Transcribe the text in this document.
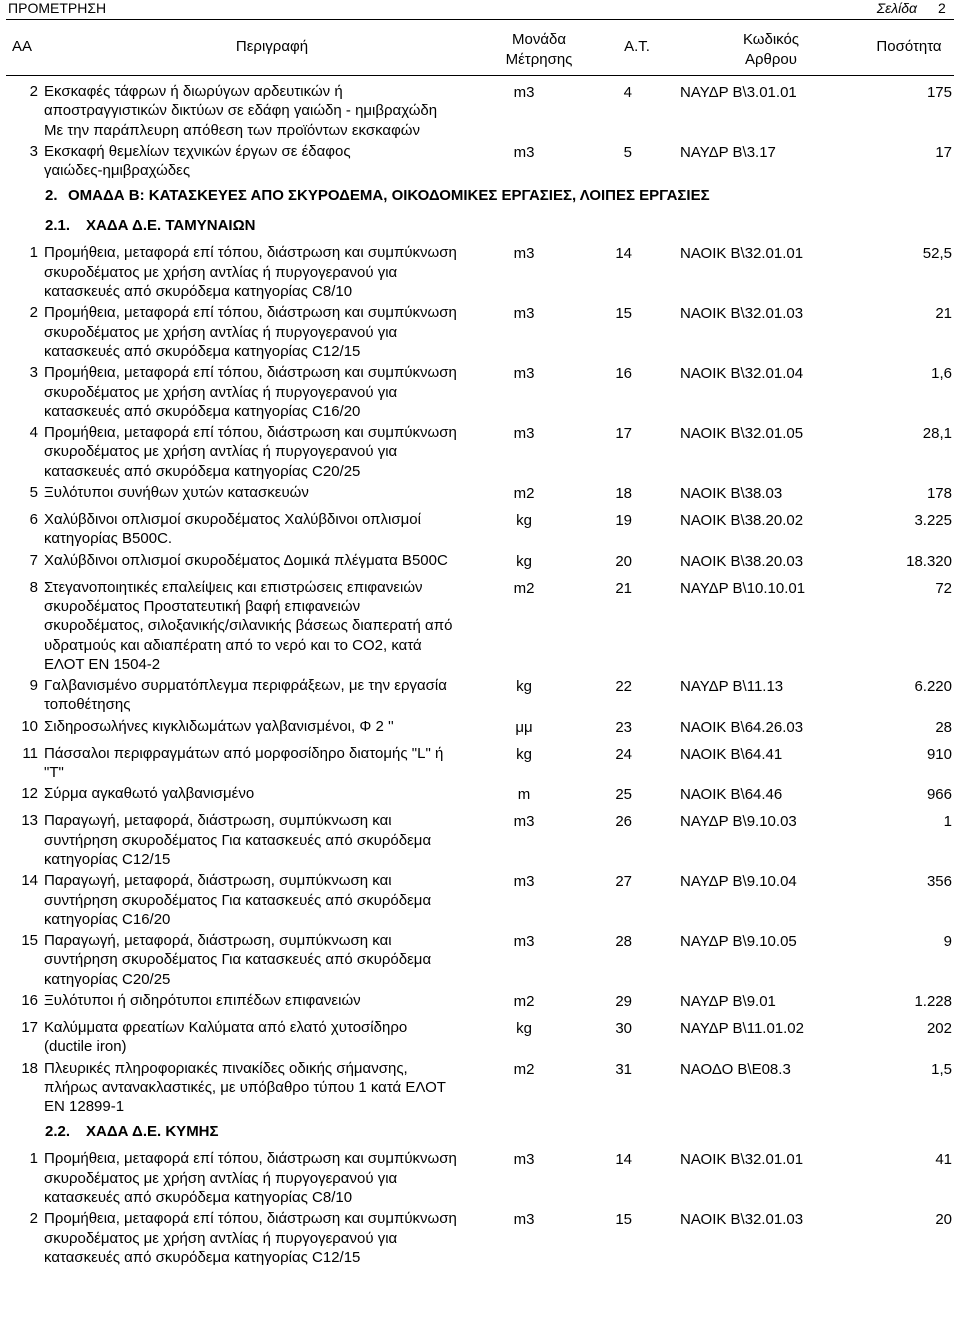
ΠΡΟΜΕΤΡΗΣΗ	Σελίδα 2
ΑΑ	Περιγραφή	Μονάδα
Μέτρησης
Α.Τ.	Κωδικός
Αρθρου
Ποσότητα
2 Εκσκαφές τάφρων ή διωρύγων αρδευτικών ή
αποστραγγιστικών δικτύων σε εδάφη γαιώδη - ημιβραχώδη
Με την παράπλευρη απόθεση των προϊόντων εκσκαφών
m3	4	ΝΑΥΔΡ Β\3.01.01	175
3 Εκσκαφή θεμελίων τεχνικών έργων σε έδαφος
γαιώδες-ημιβραχώδες
m3	5	ΝΑΥΔΡ Β\3.17	17
2. ΟΜΑΔΑ Β: ΚΑΤΑΣΚΕΥΕΣ ΑΠΟ ΣΚΥΡΟΔΕΜΑ, ΟΙΚΟΔΟΜΙΚΕΣ ΕΡΓΑΣΙΕΣ, ΛΟΙΠΕΣ ΕΡΓΑΣΙΕΣ
2.1. ΧΑΔΑ Δ.Ε. ΤΑΜΥΝΑΙΩΝ
1 Προμήθεια, μεταφορά επί τόπου, διάστρωση και συμπύκνωση
σκυροδέματος με χρήση αντλίας ή πυργογερανού για
κατασκευές από σκυρόδεμα κατηγορίας C8/10
m3	14	ΝΑΟΙΚ Β\32.01.01	52,5
2 Προμήθεια, μεταφορά επί τόπου, διάστρωση και συμπύκνωση
σκυροδέματος με χρήση αντλίας ή πυργογερανού για
κατασκευές από σκυρόδεμα κατηγορίας C12/15
m3	15	ΝΑΟΙΚ Β\32.01.03	21
3 Προμήθεια, μεταφορά επί τόπου, διάστρωση και συμπύκνωση
σκυροδέματος με χρήση αντλίας ή πυργογερανού για
κατασκευές από σκυρόδεμα κατηγορίας C16/20
m3	16	ΝΑΟΙΚ Β\32.01.04	1,6
4 Προμήθεια, μεταφορά επί τόπου, διάστρωση και συμπύκνωση
σκυροδέματος με χρήση αντλίας ή πυργογερανού για
κατασκευές από σκυρόδεμα κατηγορίας C20/25
m3	17	ΝΑΟΙΚ Β\32.01.05	28,1
5 Ξυλότυποι συνήθων χυτών κατασκευών	m2	18	ΝΑΟΙΚ Β\38.03	178
6 Χαλύβδινοι οπλισμοί σκυροδέματος Χαλύβδινοι οπλισμοί
κατηγορίας B500C.
kg	19	ΝΑΟΙΚ Β\38.20.02	3.225
7 Χαλύβδινοι οπλισμοί σκυροδέματος Δομικά πλέγματα B500C	kg	20	ΝΑΟΙΚ Β\38.20.03	18.320
8 Στεγανοποιητικές επαλείψεις και επιστρώσεις επιφανειών
σκυροδέματος Προστατευτική βαφή επιφανειών
σκυροδέματος, σιλοξανικής/σιλανικής βάσεως διαπερατή από
υδρατμούς και αδιαπέρατη από το νερό και το CO2, κατά
ΕΛΟΤ ΕΝ 1504-2
m2	21	ΝΑΥΔΡ Β\10.10.01	72
9 Γαλβανισμένο συρματόπλεγμα περιφράξεων, με την εργασία
τοποθέτησης
kg	22	ΝΑΥΔΡ Β\11.13	6.220
10 Σιδηροσωλήνες κιγκλιδωμάτων γαλβανισμένοι, Φ 2 ''	μμ	23	ΝΑΟΙΚ Β\64.26.03	28
11 Πάσσαλοι περιφραγμάτων από μορφοσίδηρο διατομής "L" ή
"T"
kg	24	ΝΑΟΙΚ Β\64.41	910
12 Σύρμα αγκαθωτό γαλβανισμένο	m	25	ΝΑΟΙΚ Β\64.46	966
13 Παραγωγή, μεταφορά, διάστρωση, συμπύκνωση και
συντήρηση σκυροδέματος Για κατασκευές από σκυρόδεμα
κατηγορίας C12/15
m3	26	ΝΑΥΔΡ Β\9.10.03	1
14 Παραγωγή, μεταφορά, διάστρωση, συμπύκνωση και
συντήρηση σκυροδέματος Για κατασκευές από σκυρόδεμα
κατηγορίας C16/20
m3	27	ΝΑΥΔΡ Β\9.10.04	356
15 Παραγωγή, μεταφορά, διάστρωση, συμπύκνωση και
συντήρηση σκυροδέματος Για κατασκευές από σκυρόδεμα
κατηγορίας C20/25
m3	28	ΝΑΥΔΡ Β\9.10.05	9
16 Ξυλότυποι ή σιδηρότυποι επιπέδων επιφανειών	m2	29	ΝΑΥΔΡ Β\9.01	1.228
17 Καλύμματα φρεατίων Καλύματα από ελατό χυτοσίδηρο
(ductile iron)
kg	30	ΝΑΥΔΡ Β\11.01.02	202
18 Πλευρικές πληροφοριακές πινακίδες οδικής σήμανσης,
πλήρως αντανακλαστικές, με υπόβαθρο τύπου 1 κατά ΕΛΟΤ
ΕΝ 12899-1
m2	31	ΝΑΟΔΟ Β\Ε08.3	1,5
2.2. ΧΑΔΑ Δ.Ε. ΚΥΜΗΣ
1 Προμήθεια, μεταφορά επί τόπου, διάστρωση και συμπύκνωση
σκυροδέματος με χρήση αντλίας ή πυργογερανού για
κατασκευές από σκυρόδεμα κατηγορίας C8/10
m3	14	ΝΑΟΙΚ Β\32.01.01	41
2 Προμήθεια, μεταφορά επί τόπου, διάστρωση και συμπύκνωση
σκυροδέματος με χρήση αντλίας ή πυργογερανού για
κατασκευές από σκυρόδεμα κατηγορίας C12/15
m3	15	ΝΑΟΙΚ Β\32.01.03	20
